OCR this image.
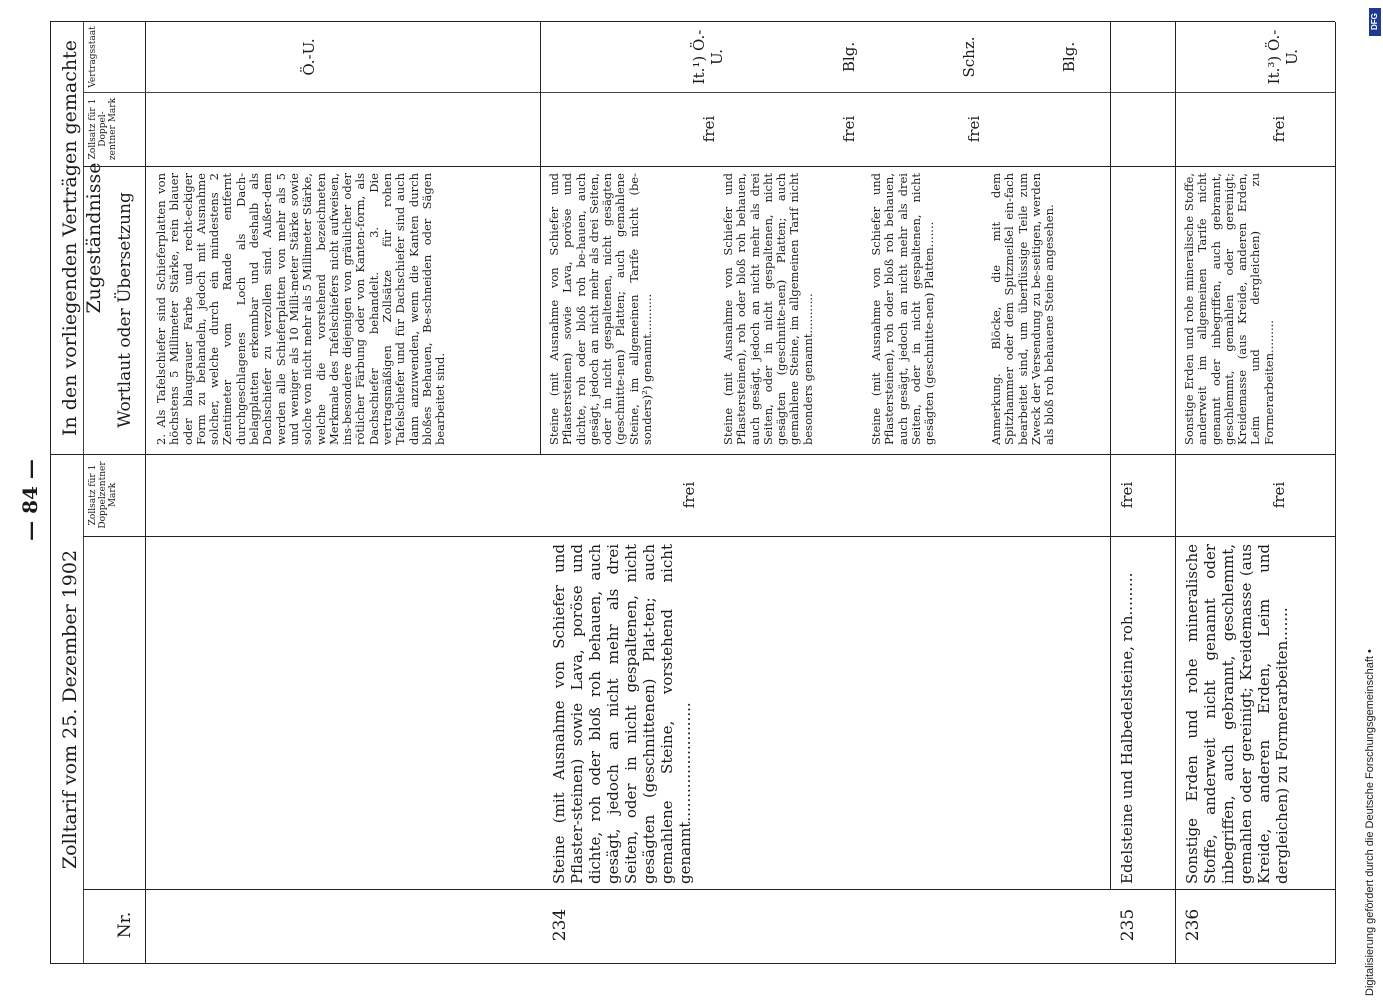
— 84 —
Zolltarif vom 25. Dezember 1902
In den vorliegenden Verträgen gemachte Zugeständnisse
Zollsatz für 1 Doppelzentner Mark
Wortlaut oder Übersetzung
Zollsatz für 1 Doppel-zentner Mark
Vertragsstaat
Nr.
2. Als Tafelschiefer sind Schieferplatten von höchstens 5 Millimeter Stärke, rein blauer oder blaugrauer Farbe und recht-eckiger Form zu behandeln, jedoch mit Ausnahme solcher, welche durch ein mindestens 2 Zentimeter vom Rande entfernt durchgeschlagenes Loch als Dach-belagplatten erkennbar und deshalb als Dachschiefer zu verzollen sind. Außer-dem werden alle Schieferplatten von mehr als 5 und weniger als 10 Milli-meter Stärke sowie solche von nicht mehr als 5 Millimeter Stärke, welche die vorstehend bezeichneten Merkmale des Tafelschiefers nicht aufweisen, ins-besondere diejenigen von gräulicher oder rötlicher Färbung oder von Kanten-form, als Dachschiefer behandelt. 3. Die vertragsmäßigen Zollsätze für rohen Tafelschiefer und für Dachschiefer sind auch dann anzuwenden, wenn die Kanten durch bloßes Behauen, Be-schneiden oder Sägen bearbeitet sind.
Ö.-U.
234
Steine (mit Ausnahme von Schiefer und Pflaster-steinen) sowie Lava, poröse und dichte, roh oder bloß roh behauen, auch gesägt, jedoch an nicht mehr als drei Seiten, oder in nicht gespaltenen, nicht gesägten (geschnittenen) Plat-ten; auch gemahlene Steine, vorstehend nicht genannt.........................
frei
Steine (mit Ausnahme von Schiefer und Pflastersteinen) sowie Lava, poröse und dichte, roh oder bloß roh be-hauen, auch gesägt, jedoch an nicht mehr als drei Seiten, oder in nicht gespaltenen, nicht gesägten (geschnitte-nen) Platten; auch gemahlene Steine, im allgemeinen Tarife nicht (be-sonders)²) genannt...........
frei
It.¹) Ö.-U.
Steine (mit Ausnahme von Schiefer und Pflastersteinen), roh oder bloß roh behauen, auch gesägt, jedoch an nicht mehr als drei Seiten, oder in nicht gespaltenen, nicht gesägten (geschnitte-nen) Platten; auch gemahlene Steine, im allgemeinen Tarif nicht besonders genannt...........
frei
Blg.
Steine (mit Ausnahme von Schiefer und Pflastersteinen), roh oder bloß roh behauen, auch gesägt, jedoch an nicht mehr als drei Seiten, oder in nicht gespaltenen, nicht gesägten (geschnitte-nen) Platten.......
frei
Schz.
Anmerkung. Blöcke, die mit dem Spitzhammer oder dem Spitzmeißel ein-fach bearbeitet sind, um überflüssige Teile zum Zweck der Versendung zu be-seitigen, werden als bloß roh behauene Steine angesehen.
Blg.
235
Edelsteine und Halbedelsteine, roh.........
frei
236
Sonstige Erden und rohe mineralische Stoffe, anderweit nicht genannt oder inbegriffen, auch gebrannt, geschlemmt, gemahlen oder gereinigt; Kreidemasse (aus Kreide, anderen Erden, Leim und dergleichen) zu Formerarbeiten.......
frei
Sonstige Erden und rohe mineralische Stoffe, anderweit im allgemeinen Tarife nicht genannt oder inbegriffen, auch gebrannt, geschlemmt, gemahlen oder gereinigt; Kreidemasse (aus Kreide, anderen Erden, Leim und dergleichen) zu Formerarbeiten.........
frei
It.³) Ö.-U.
Digitalisierung gefördert durch die Deutsche Forschungsgemeinschaft •
DFG
